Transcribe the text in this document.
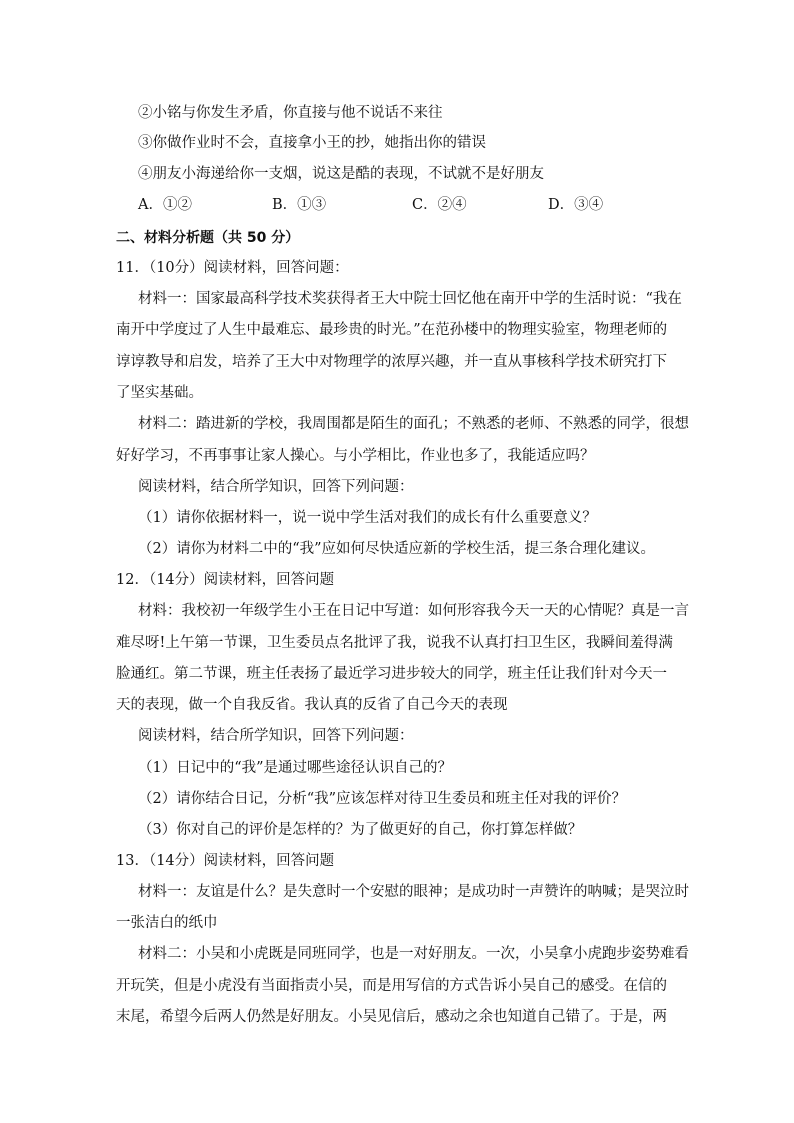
②小铭与你发生矛盾，你直接与他不说话不来往
③你做作业时不会，直接拿小王的抄，她指出你的错误
④朋友小海递给你一支烟，说这是酷的表现，不试就不是好朋友
A．①②	B．①③	C．②④	D．③④
二、材料分析题（共 50 分）
11．（10分）阅读材料，回答问题：
材料一：国家最高科学技术奖获得者王大中院士回忆他在南开中学的生活时说：“我在
南开中学度过了人生中最难忘、最珍贵的时光。”在范孙楼中的物理实验室，物理老师的
谆谆教导和启发，培养了王大中对物理学的浓厚兴趣，并一直从事核科学技术研究打下
了坚实基础。
材料二：踏进新的学校，我周围都是陌生的面孔；不熟悉的老师、不熟悉的同学，很想
好好学习，不再事事让家人操心。与小学相比，作业也多了，我能适应吗？
阅读材料，结合所学知识，回答下列问题：
（1）请你依据材料一，说一说中学生活对我们的成长有什么重要意义？
（2）请你为材料二中的“我”应如何尽快适应新的学校生活，提三条合理化建议。
12．（14分）阅读材料，回答问题
材料：我校初一年级学生小王在日记中写道：如何形容我今天一天的心情呢？真是一言
难尽呀!上午第一节课，卫生委员点名批评了我，说我不认真打扫卫生区，我瞬间羞得满
脸通红。第二节课，班主任表扬了最近学习进步较大的同学，班主任让我们针对今天一
天的表现，做一个自我反省。我认真的反省了自己今天的表现
阅读材料，结合所学知识，回答下列问题：
（1）日记中的“我”是通过哪些途径认识自己的？
（2）请你结合日记，分析“我”应该怎样对待卫生委员和班主任对我的评价？
（3）你对自己的评价是怎样的？为了做更好的自己，你打算怎样做？
13．（14分）阅读材料，回答问题
材料一：友谊是什么？是失意时一个安慰的眼神；是成功时一声赞许的呐喊；是哭泣时
一张洁白的纸巾
材料二：小吴和小虎既是同班同学，也是一对好朋友。一次，小吴拿小虎跑步姿势难看
开玩笑，但是小虎没有当面指责小吴，而是用写信的方式告诉小吴自己的感受。在信的
末尾，希望今后两人仍然是好朋友。小吴见信后，感动之余也知道自己错了。于是，两
